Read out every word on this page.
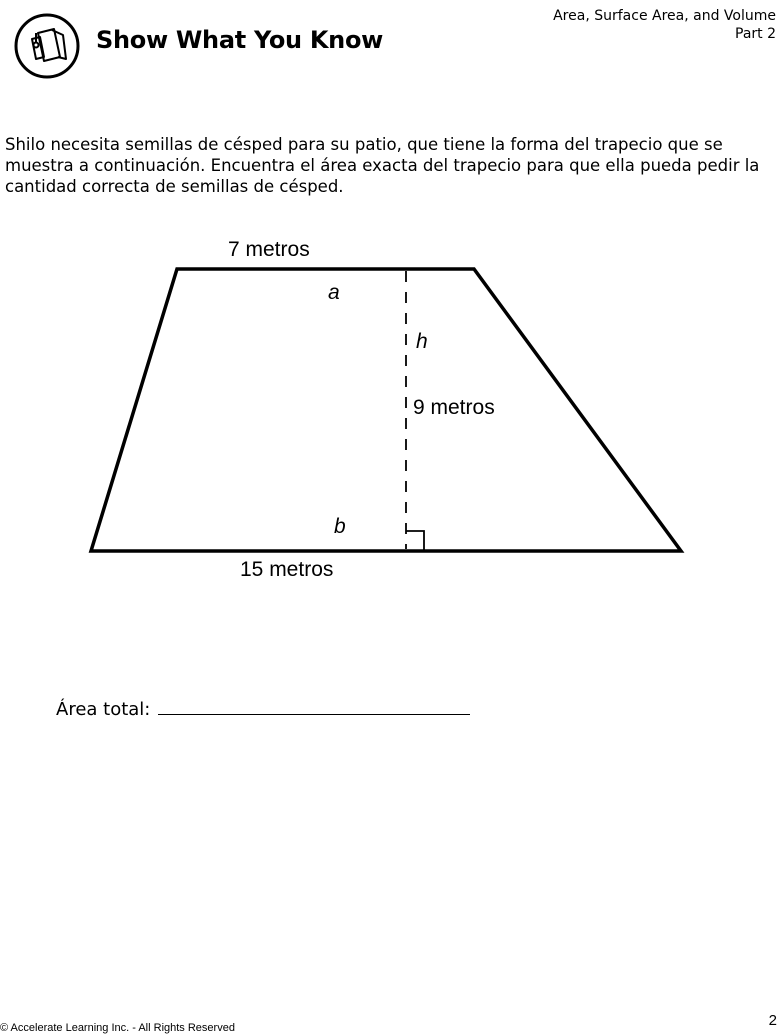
Show What You Know
Area, Surface Area, and Volume
Part 2

Shilo necesita semillas de césped para su patio, que tiene la forma del trapecio que se muestra a continuación. Encuentra el área exacta del trapecio para que ella pueda pedir la cantidad correcta de semillas de césped.

7 metros
a
h
9 metros
b
15 metros
Área total:
© Accelerate Learning Inc. - All Rights Reserved	2
